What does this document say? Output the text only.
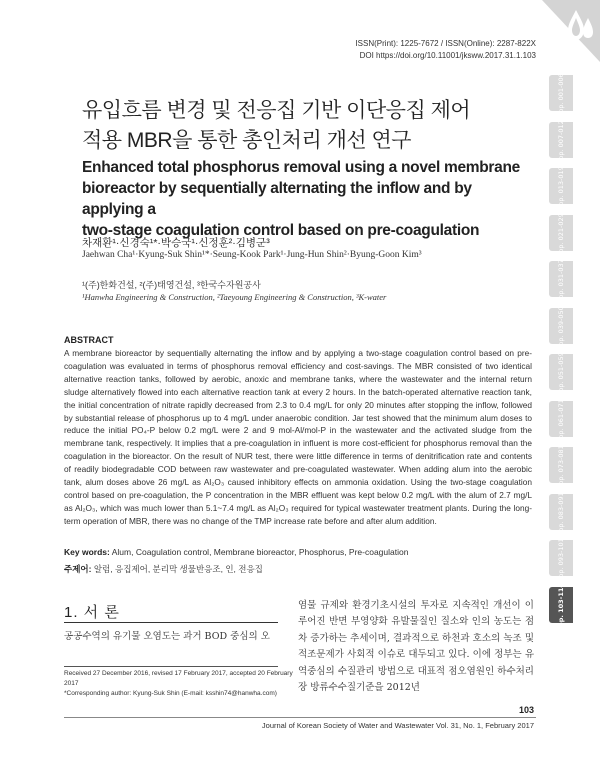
ISSN(Print): 1225-7672 / ISSN(Online): 2287-822X
DOI https://doi.org/10.11001/jksww.2017.31.1.103
유입흐름 변경 및 전응집 기반 이단응집 제어
적용 MBR을 통한 총인처리 개선 연구
Enhanced total phosphorus removal using a novel membrane
bioreactor by sequentially alternating the inflow and by applying a
two-stage coagulation control based on pre-coagulation
차재환¹·신경숙¹*·박승국¹·신정훈²·김병군³
Jaehwan Cha¹·Kyung-Suk Shin¹*·Seung-Kook Park¹·Jung-Hun Shin²·Byung-Goon Kim³
¹(주)한화건설, ²(주)태영건설, ³한국수자원공사
¹Hanwha Engineering & Construction, ²Taeyoung Engineering & Construction, ³K-water
ABSTRACT
A membrane bioreactor by sequentially alternating the inflow and by applying a two-stage coagulation control based on pre-coagulation was evaluated in terms of phosphorus removal efficiency and cost-savings. The MBR consisted of two identical alternative reaction tanks, followed by aerobic, anoxic and membrane tanks, where the wastewater and the internal return sludge alternatively flowed into each alternative reaction tank at every 2 hours. In the batch-operated alternative reaction tank, the initial concentration of nitrate rapidly decreased from 2.3 to 0.4 mg/L for only 20 minutes after stopping the inflow, followed by substantial release of phosphorus up to 4 mg/L under anaerobic condition. Jar test showed that the minimum alum doses to reduce the initial PO₄-P below 0.2 mg/L were 2 and 9 mol-Al/mol-P in the wastewater and the activated sludge from the membrane tank, respectively. It implies that a pre-coagulation in influent is more cost-efficient for phosphorus removal than the coagulation in the bioreactor. On the result of NUR test, there were little difference in terms of denitrification rate and contents of readily biodegradable COD between raw wastewater and pre-coagulated wastewater. When adding alum into the aerobic tank, alum doses above 26 mg/L as Al₂O₃ caused inhibitory effects on ammonia oxidation. Using the two-stage coagulation control based on pre-coagulation, the P concentration in the MBR effluent was kept below 0.2 mg/L with the alum of 2.7 mg/L as Al₂O₃, which was much lower than 5.1~7.4 mg/L as Al₂O₃ required for typical wastewater treatment plants. During the long-term operation of MBR, there was no change of the TMP increase rate before and after alum addition.
Key words: Alum, Coagulation control, Membrane bioreactor, Phosphorus, Pre-coagulation
주제어: 알럼, 응집제어, 분리막 생물반응조, 인, 전응집
1. 서 론
공공수역의 유기물 오염도는 과거 BOD 중심의 오
Received 27 December 2016, revised 17 February 2017, accepted 20 February 2017
*Corresponding author: Kyung-Suk Shin (E-mail: ksshin74@hanwha.com)
염물 규제와 환경기초시설의 투자로 지속적인 개선이 이루어진 반면 부영양화 유발물질인 질소와 인의 농도는 점차 증가하는 추세이며, 결과적으로 하천과 호소의 녹조 및 적조문제가 사회적 이슈로 대두되고 있다. 이에 정부는 유역중심의 수질관리 방법으로 대표적 점오염원인 하수처리장 방류수수질기준을 2012년
103
Journal of Korean Society of Water and Wastewater Vol. 31, No. 1, February 2017
pp. 001-006
pp. 007-012
pp. 013-019
pp. 021-029
pp. 031-037
pp. 039-050
pp. 051-059
pp. 061-071
pp. 073-081
pp. 083-091
pp. 093-101
pp. 103-114
